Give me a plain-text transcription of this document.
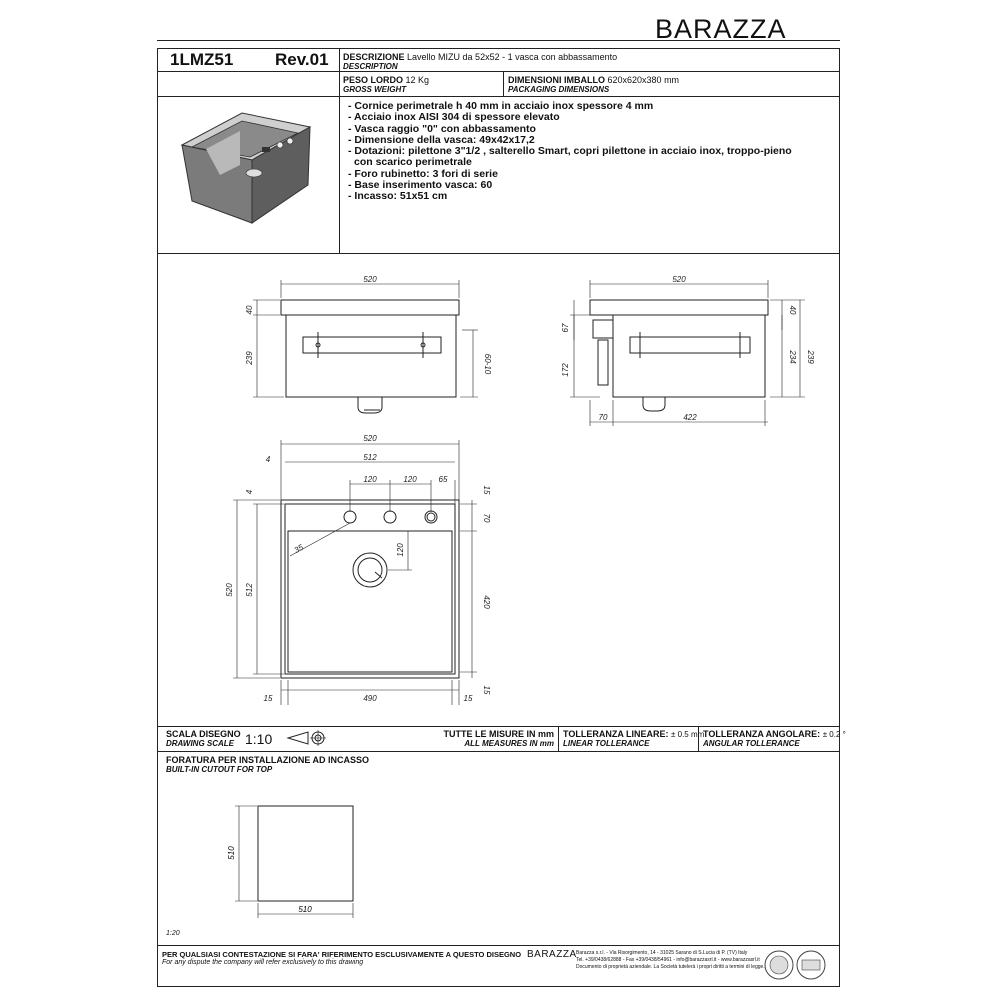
BARAZZA
1LMZ51 Rev.01 DESCRIZIONE Lavello MIZU da 52x52 - 1 vasca con abbassamento
DESCRIPTION
PESO LORDO 12 Kg
GROSS WEIGHT
DIMENSIONI IMBALLO 620x620x380 mm
PACKAGING DIMENSIONS
- Cornice perimetrale h 40 mm in acciaio inox spessore 4 mm
- Acciaio inox AISI 304 di spessore elevato
- Vasca raggio "0" con abbassamento
- Dimensione della vasca: 49x42x17,2
- Dotazioni: pilettone 3"1/2 , salterello Smart, copri pilettone in acciaio inox, troppo-pieno
con scarico perimetrale
- Foro rubinetto: 3 fori di serie
- Base inserimento vasca: 60
- Incasso: 51x51 cm
520
40
239	60-10
520
67
172
40
234 239
70	422
520
4	512
120	120	65
15
4
70
120
35
520 512
420
15
15	490	15
SCALA DISEGNO
DRAWING SCALE 1:10	TUTTE LE MISURE IN mm
ALL MEASURES IN mm
TOLLERANZA LINEARE: ± 0.5 mm
LINEAR TOLLERANCE
TOLLERANZA ANGOLARE: ± 0.2 °
ANGULAR TOLLERANCE
FORATURA PER INSTALLAZIONE AD INCASSO
BUILT-IN CUTOUT FOR TOP
510
510
1:20
PER QUALSIASI CONTESTAZIONE SI FARA' RIFERIMENTO ESCLUSIVAMENTE A QUESTO DISEGNO
For any dispute the company will refer exclusively to this drawing
BARAZZA Barazza s.r.l. - Via Risorgimento, 14 - 31025 Sarano di S.Lucia di P. (TV) Italy
Tel. +39/0438/62888 - Fax +39/0438/54961 - info@barazzasrl.it - www.barazzasrl.it
Documento di proprietà aziendale. La Società tutelerà i propri diritti a termini di legge.
